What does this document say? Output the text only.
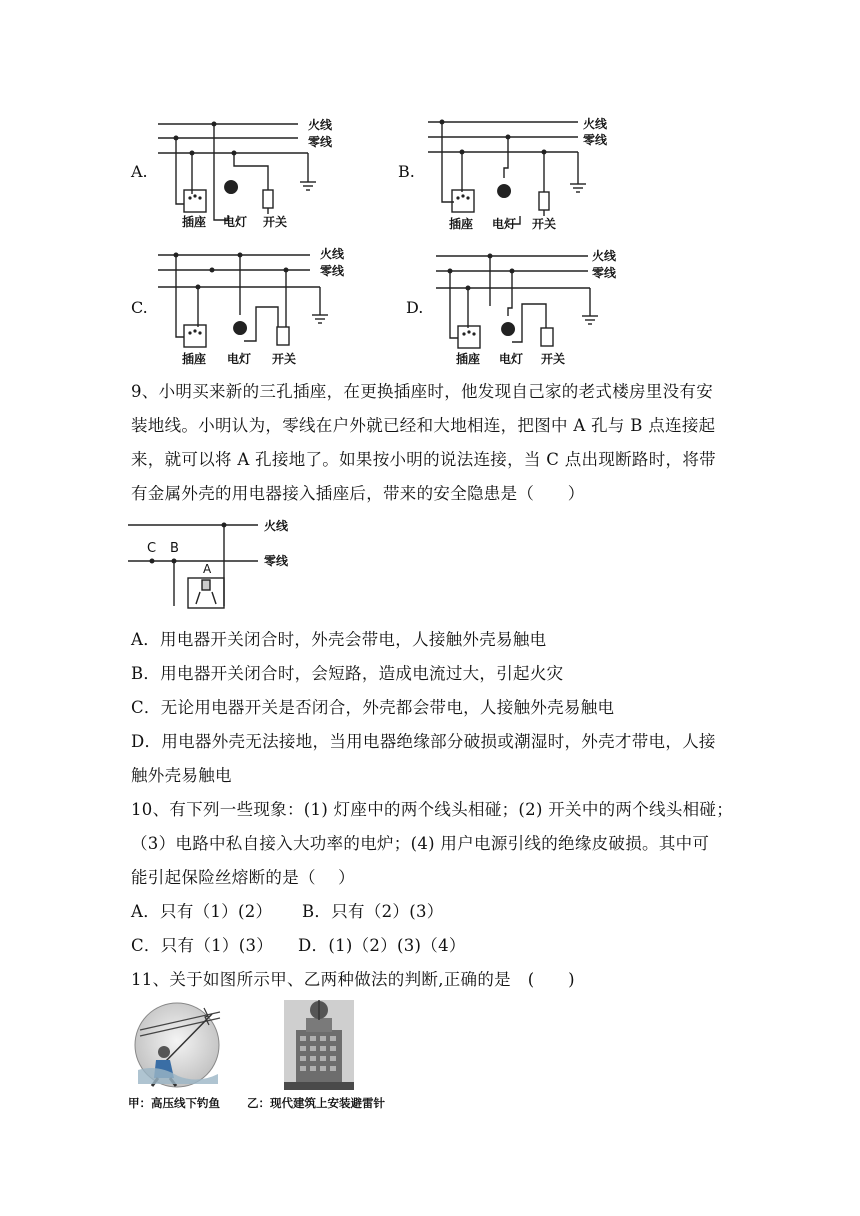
A.
火线
零线
插座 电灯 开关
B.
火线
零线
插座 电灯 开关
C.
火线
零线
插座 电灯 开关
D.
火线
零线
插座 电灯 开关
9、小明买来新的三孔插座，在更换插座时，他发现自己家的老式楼房里没有安
装地线。小明认为，零线在户外就已经和大地相连，把图中 A 孔与 B 点连接起
来，就可以将 A 孔接地了。如果按小明的说法连接，当 C 点出现断路时，将带
有金属外壳的用电器接入插座后，带来的安全隐患是（　　）
火线
零线
C B
A
A．用电器开关闭合时，外壳会带电，人接触外壳易触电
B．用电器开关闭合时，会短路，造成电流过大，引起火灾
C．无论用电器开关是否闭合，外壳都会带电，人接触外壳易触电
D．用电器外壳无法接地，当用电器绝缘部分破损或潮湿时，外壳才带电，人接
触外壳易触电
10、有下列一些现象：(1) 灯座中的两个线头相碰；(2) 开关中的两个线头相碰；
（3）电路中私自接入大功率的电炉；(4) 用户电源引线的绝缘皮破损。其中可
能引起保险丝熔断的是（　 ）
A．只有（1）(2） B．只有（2）(3）
C．只有（1）(3） D．(1)（2）(3)（4）
11、关于如图所示甲、乙两种做法的判断,正确的是　(　　)
甲：高压线下钓鱼 乙：现代建筑上安装避雷针
